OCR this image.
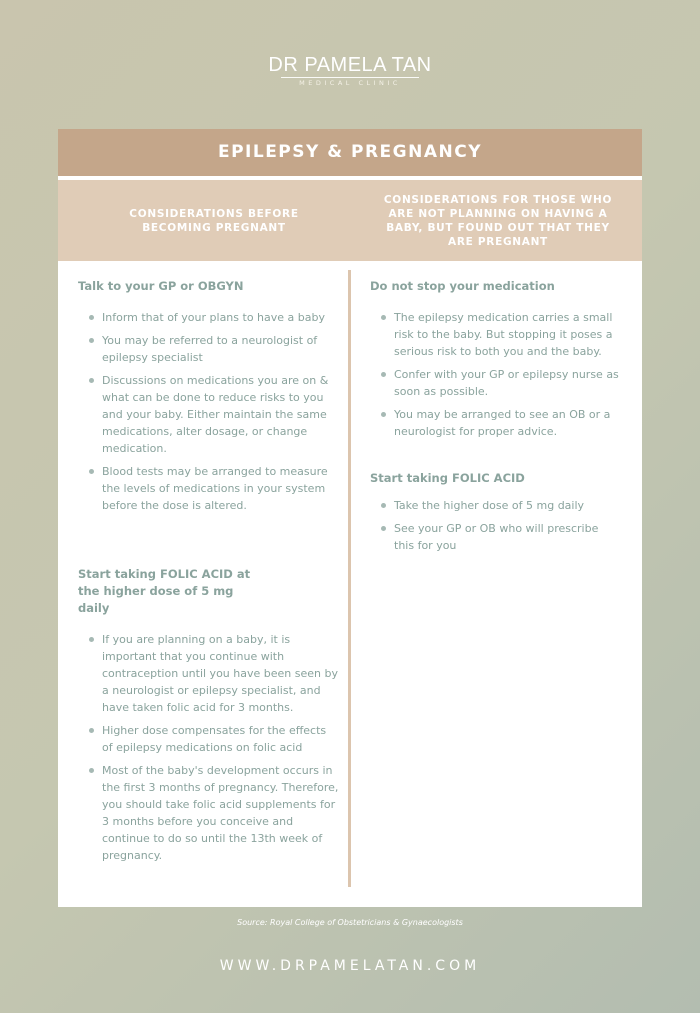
DR PAMELA TAN
MEDICAL CLINIC
EPILEPSY & PREGNANCY
CONSIDERATIONS BEFORE BECOMING PREGNANT
CONSIDERATIONS FOR THOSE WHO ARE NOT PLANNING ON HAVING A BABY, BUT FOUND OUT THAT THEY ARE PREGNANT

Talk to your GP or OBGYN

Inform that of your plans to have a baby
You may be referred to a neurologist of epilepsy specialist
Discussions on medications you are on & what can be done to reduce risks to you and your baby. Either maintain the same medications, alter dosage, or change medication.
Blood tests may be arranged to measure the levels of medications in your system before the dose is altered.

Start taking FOLIC ACID at the higher dose of 5 mg daily

If you are planning on a baby, it is important that you continue with contraception until you have been seen by a neurologist or epilepsy specialist, and have taken folic acid for 3 months.
Higher dose compensates for the effects of epilepsy medications on folic acid
Most of the baby's development occurs in the first 3 months of pregnancy. Therefore, you should take folic acid supplements for 3 months before you conceive and continue to do so until the 13th week of pregnancy.

Do not stop your medication

The epilepsy medication carries a small risk to the baby. But stopping it poses a serious risk to both you and the baby.
Confer with your GP or epilepsy nurse as soon as possible.
You may be arranged to see an OB or a neurologist for proper advice.

Start taking FOLIC ACID

Take the higher dose of 5 mg daily
See your GP or OB who will prescribe this for you
Source: Royal College of Obstetricians & Gynaecologists
WWW.DRPAMELATAN.COM
